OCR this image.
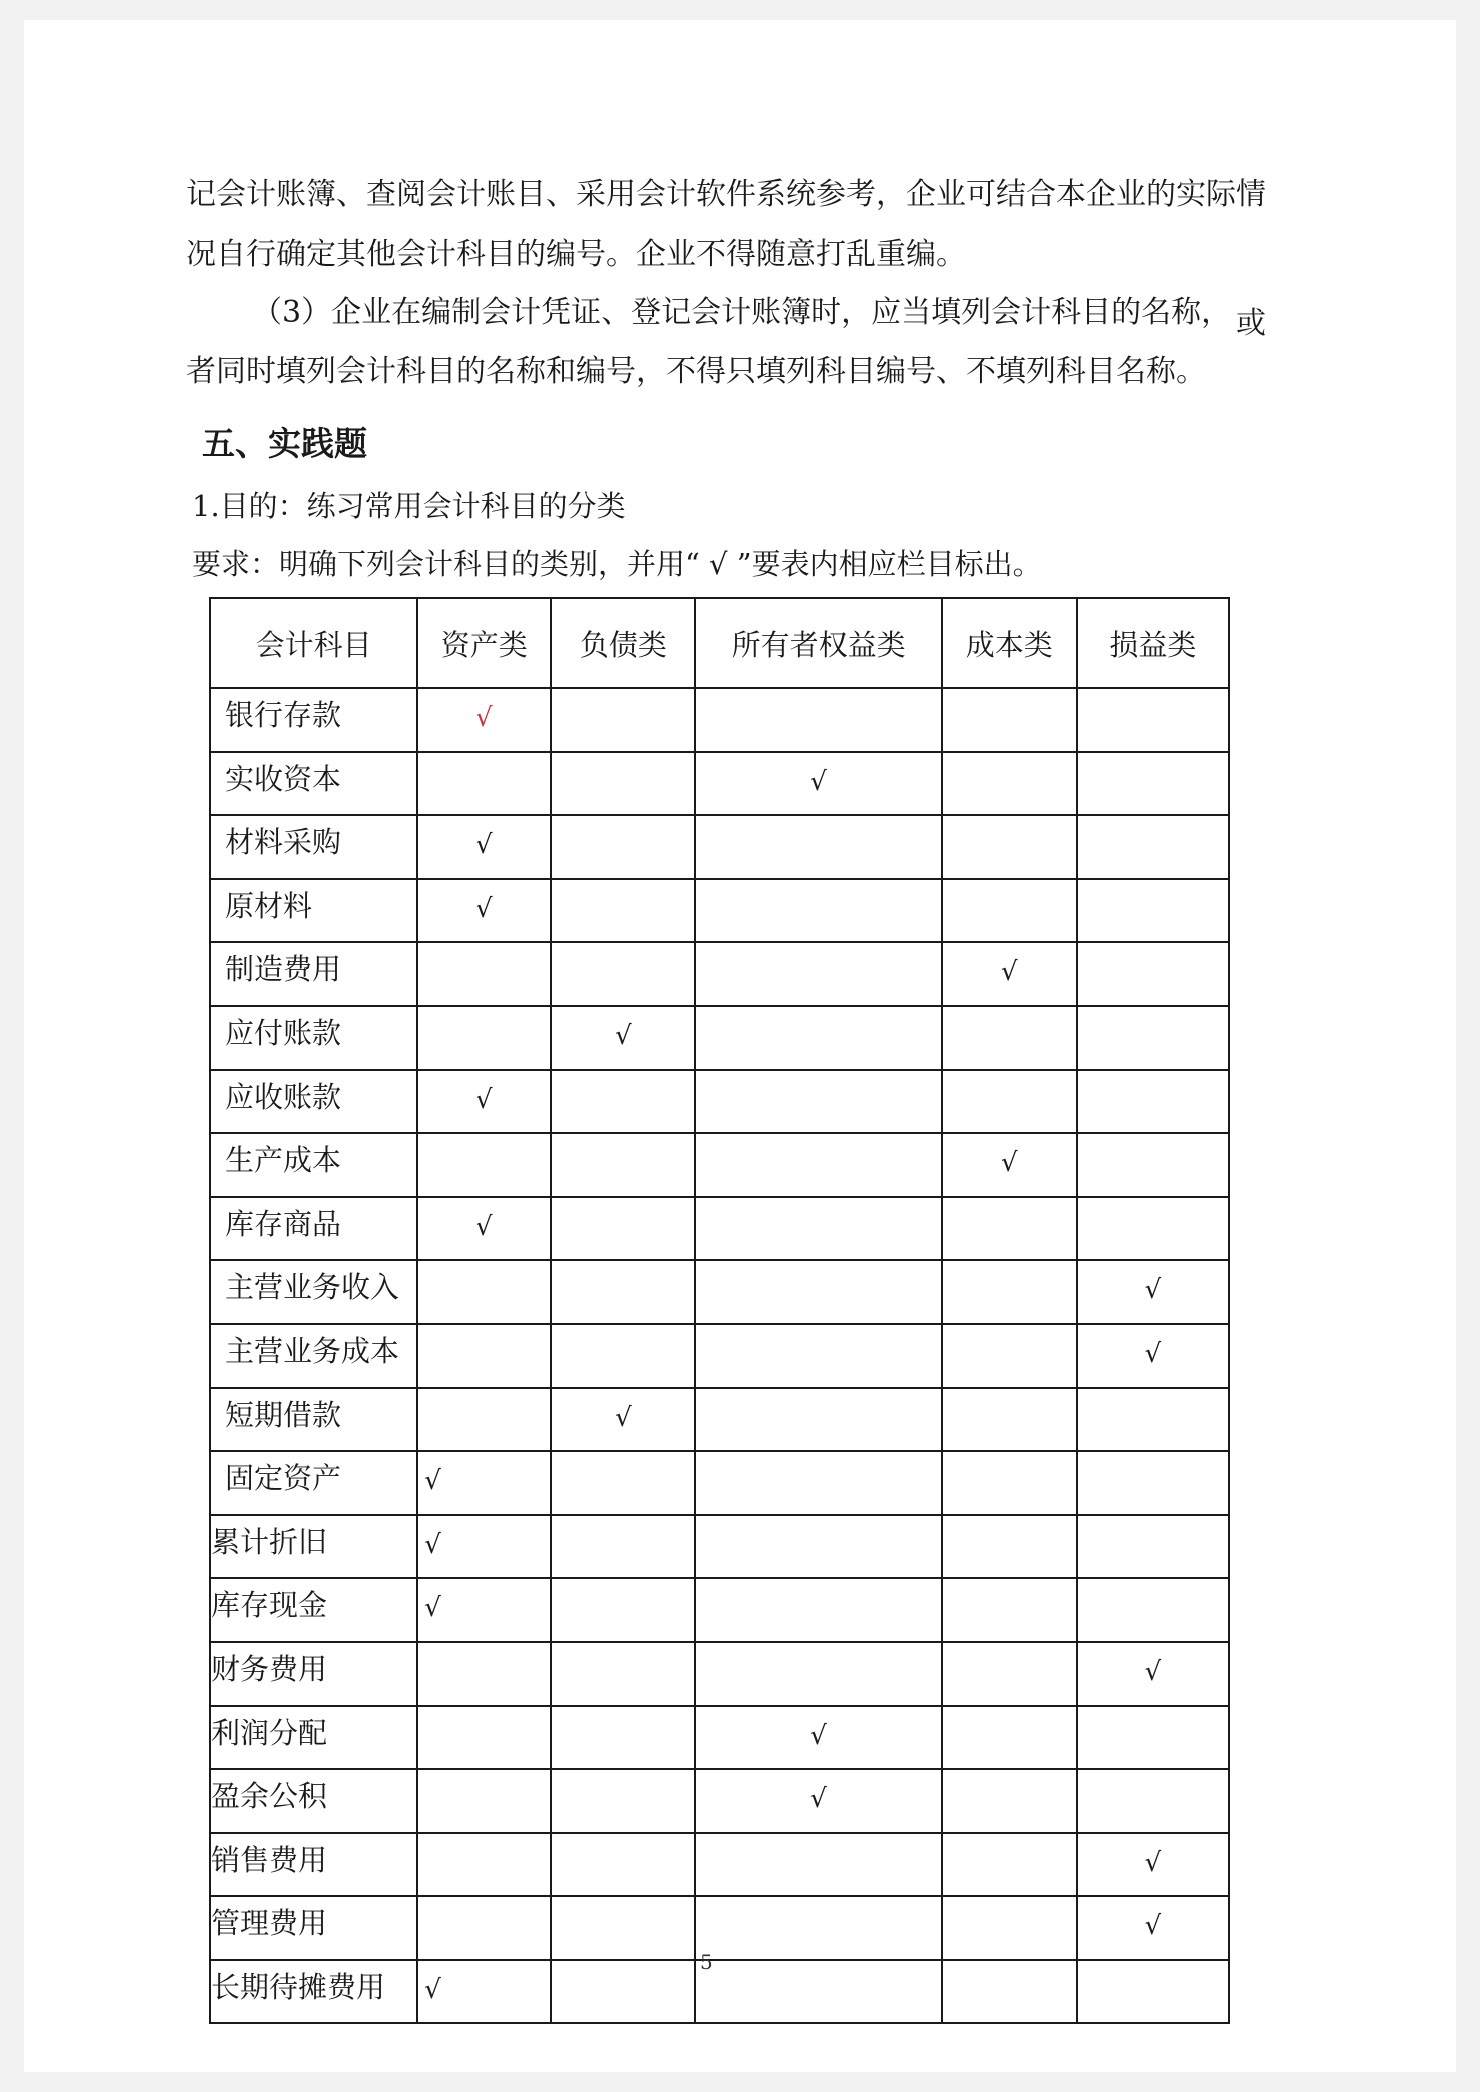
记会计账簿、查阅会计账目、采用会计软件系统参考，企业可结合本企业的实际情
况自行确定其他会计科目的编号。企业不得随意打乱重编。
（3）企业在编制会计凭证、登记会计账簿时，应当填列会计科目的名称， 或
者同时填列会计科目的名称和编号，不得只填列科目编号、不填列科目名称。
五、实践题
1.目的：练习常用会计科目的分类
要求：明确下列会计科目的类别，并用“ √ ”要表内相应栏目标出。
会计科目	资产类	负债类	所有者权益类	成本类	损益类
银行存款	√				
实收资本			√		
材料采购	√				
原材料	√				
制造费用				√	
应付账款		√			
应收账款	√				
生产成本				√	
库存商品	√				
主营业务收入					√
主营业务成本					√
短期借款		√			
固定资产	√				
累计折旧	√				
库存现金	√				
财务费用					√
利润分配			√		
盈余公积			√		
销售费用					√
管理费用					√
长期待摊费用	√				
5
